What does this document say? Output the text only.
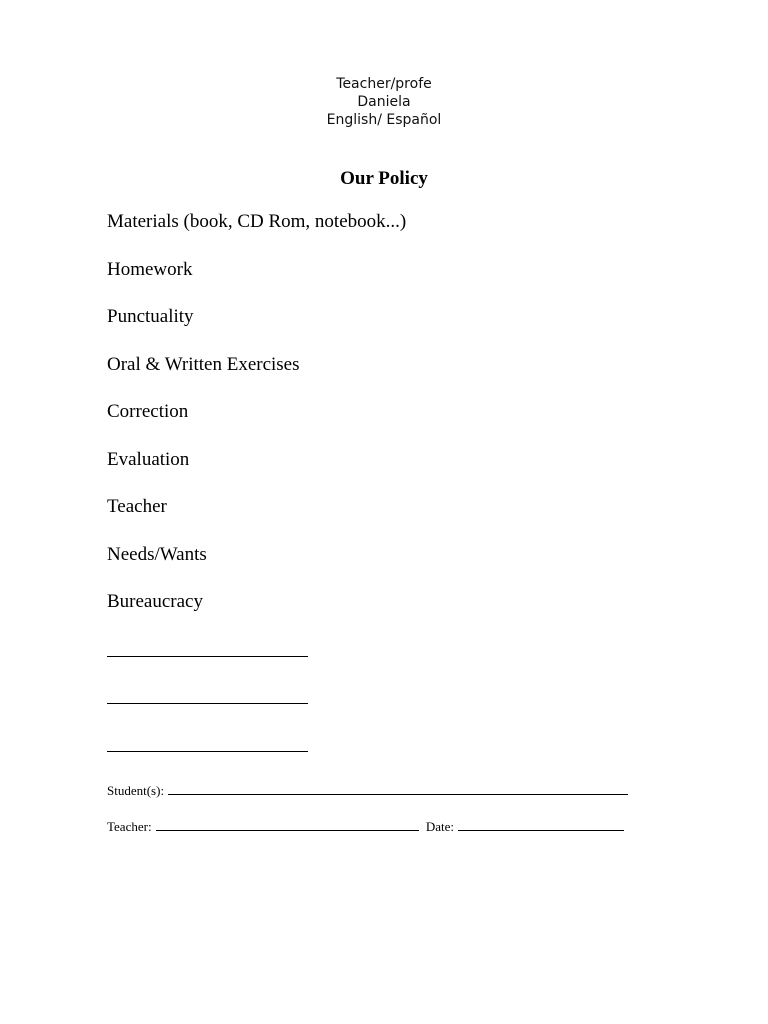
Teacher/profe
Daniela
English/ Español
Our Policy
Materials (book, CD Rom, notebook...)
Homework
Punctuality
Oral & Written Exercises
Correction
Evaluation
Teacher
Needs/Wants
Bureaucracy
Student(s):
Teacher:	Date:
